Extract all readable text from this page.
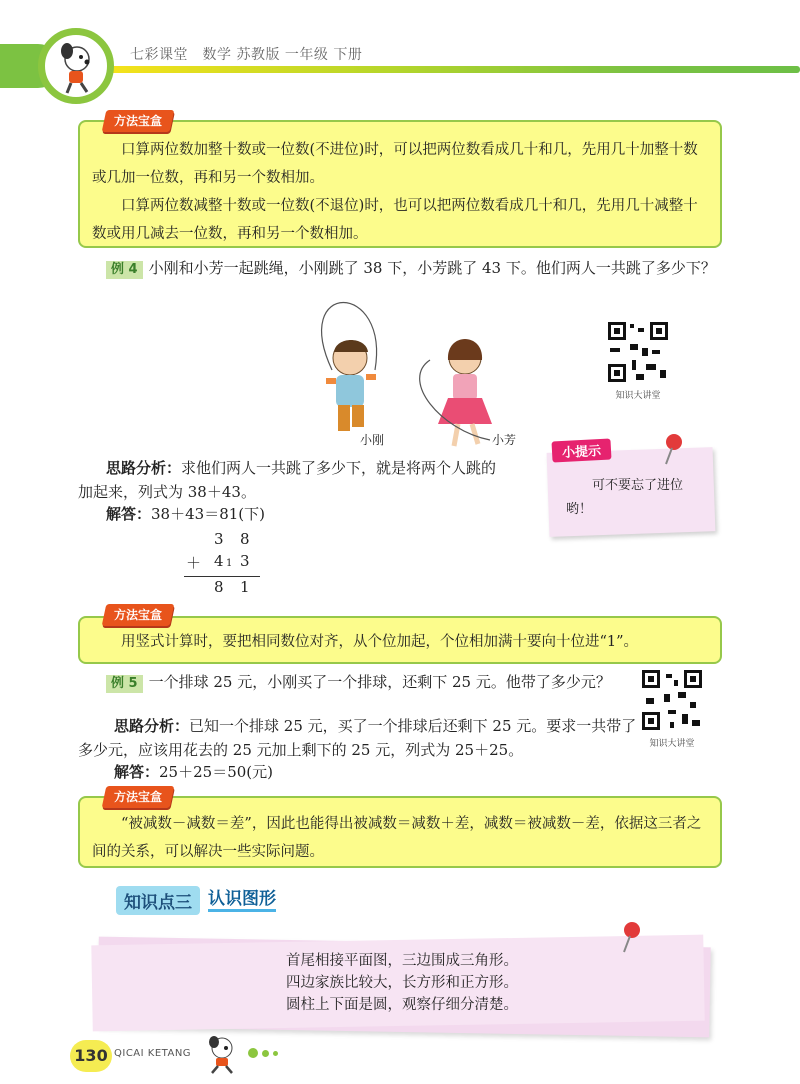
七彩课堂　数学 苏教版 一年级 下册
方法宝盒

口算两位数加整十数或一位数(不进位)时，可以把两位数看成几十和几，先用几十加整十数或几加一位数，再和另一个数相加。

口算两位数减整十数或一位数(不退位)时，也可以把两位数看成几十和几，先用几十减整十数或用几减去一位数，再和另一个数相加。

例 4 小刚和小芳一起跳绳，小刚跳了 38 下，小芳跳了 43 下。他们两人一共跳了多少下？
小刚	小芳
知识大讲堂
思路分析：求他们两人一共跳了多少下，就是将两个人跳的加起来，列式为 38＋43。
解答：38＋43＝81(下)
3 8
＋ 4 1 3
8 1
小提示
可不要忘了进位哟！
方法宝盒

用竖式计算时，要把相同数位对齐，从个位加起，个位相加满十要向十位进“1”。

例 5 一个排球 25 元，小刚买了一个排球，还剩下 25 元。他带了多少元？
思路分析：已知一个排球 25 元，买了一个排球后还剩下 25 元。要求一共带了多少元，应该用花去的 25 元加上剩下的 25 元，列式为 25＋25。
解答：25＋25＝50(元)
知识大讲堂
方法宝盒

“被减数－减数＝差”，因此也能得出被减数＝减数＋差，减数＝被减数－差，依据这三者之间的关系，可以解决一些实际问题。

知识点三 认识图形
首尾相接平面图，三边围成三角形。
四边家族比较大，长方形和正方形。
圆柱上下面是圆，观察仔细分清楚。
130 QICAI KETANG
